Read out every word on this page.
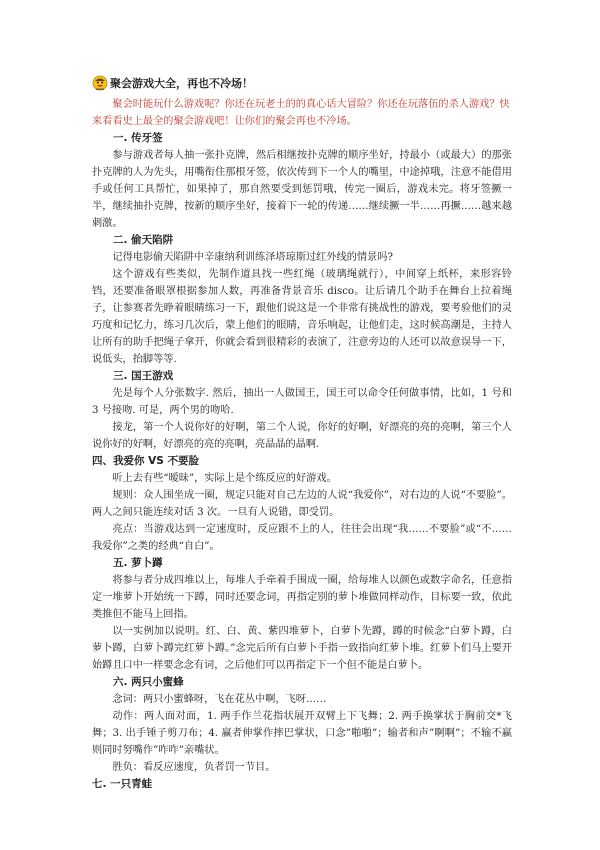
聚会游戏大全，再也不冷场！

聚会时能玩什么游戏呢？你还在玩老土的的真心话大冒险？你还在玩落伍的杀人游戏？快来看看史上最全的聚会游戏吧！让你们的聚会再也不冷场。

一. 传牙签

参与游戏者每人抽一张扑克牌，然后相继按扑克牌的顺序坐好，持最小（或最大）的那张扑克牌的人为先头，用嘴衔住那根牙签，依次传到下一个人的嘴里，中途掉哦，注意不能借用手或任何工具帮忙，如果掉了，那自然要受到惩罚哦，传完一圈后，游戏未完。将牙签撅一半，继续抽扑克牌，按新的顺序坐好，接着下一轮的传递……继续撅一半……再撅……越来越刺激。

二. 偷天陷阱

记得电影偷天陷阱中辛康纳利训练泽塔琼斯过红外线的情景吗?

这个游戏有些类似，先制作道具找一些红绳（玻璃绳就行），中间穿上纸杯，来形容铃铛，还要准备眼罩根据参加人数，再准备背景音乐 disco。让后请几个助手在舞台上拉着绳子，让参赛者先睁着眼睛练习一下，跟他们说这是一个非常有挑战性的游戏，要考验他们的灵巧度和记忆力，练习几次后，蒙上他们的眼睛，音乐响起，让他们走，这时候高潮是，主持人让所有的助手把绳子拿开，你就会看到很精彩的表演了，注意旁边的人还可以故意误导一下，说低头，抬脚等等.

三. 国王游戏

先是每个人分张数字. 然后，抽出一人做国王，国王可以命令任何做事情，比如，1 号和 3 号接吻. 可是，两个男的吻哈.

接龙，第一个人说你好的好啊，第二个人说，你好的好啊，好漂亮的亮的亮啊，第三个人说你好的好啊，好漂亮的亮的亮啊，亮晶晶的晶啊.

四、我爱你 VS 不要脸

听上去有些“暧昧”，实际上是个练反应的好游戏。

规则：众人围坐成一圈，规定只能对自己左边的人说“我爱你”，对右边的人说“不要脸”。两人之间只能连续对话 3 次。一旦有人说错，即受罚。

亮点：当游戏达到一定速度时，反应跟不上的人，往往会出现“我……不要脸”或“不……我爱你”之类的经典“自白”。

五. 萝卜蹲

将参与者分成四堆以上，每堆人手牵着手围成一圈，给每堆人以颜色或数字命名，任意指定一堆萝卜开始统一下蹲，同时还要念词，再指定别的萝卜堆做同样动作，目标要一致，依此类推但不能马上回指。

以一实例加以说明。红、白、黄、紫四堆萝卜，白萝卜先蹲，蹲的时候念“白萝卜蹲，白萝卜蹲，白萝卜蹲完红萝卜蹲。”念完后所有白萝卜手指一致指向红萝卜堆。红萝卜们马上要开始蹲且口中一样要念念有词，之后他们可以再指定下一个但不能是白萝卜。

六. 两只小蜜蜂

念词：两只小蜜蜂呀，飞在花丛中啊，飞呀……

动作：两人面对面，1. 两手作兰花指状展开双臂上下飞舞；2. 两手换掌状于胸前交*飞舞；3. 出手锤子剪刀布；4. 赢者伸掌作摔巴掌状，口念”啪啪”；输者和声”啊啊”；不输不赢则同时努嘴作”咋咋”亲嘴状。

胜负：看反应速度，负者罚一节目。

七. 一只青蛙
